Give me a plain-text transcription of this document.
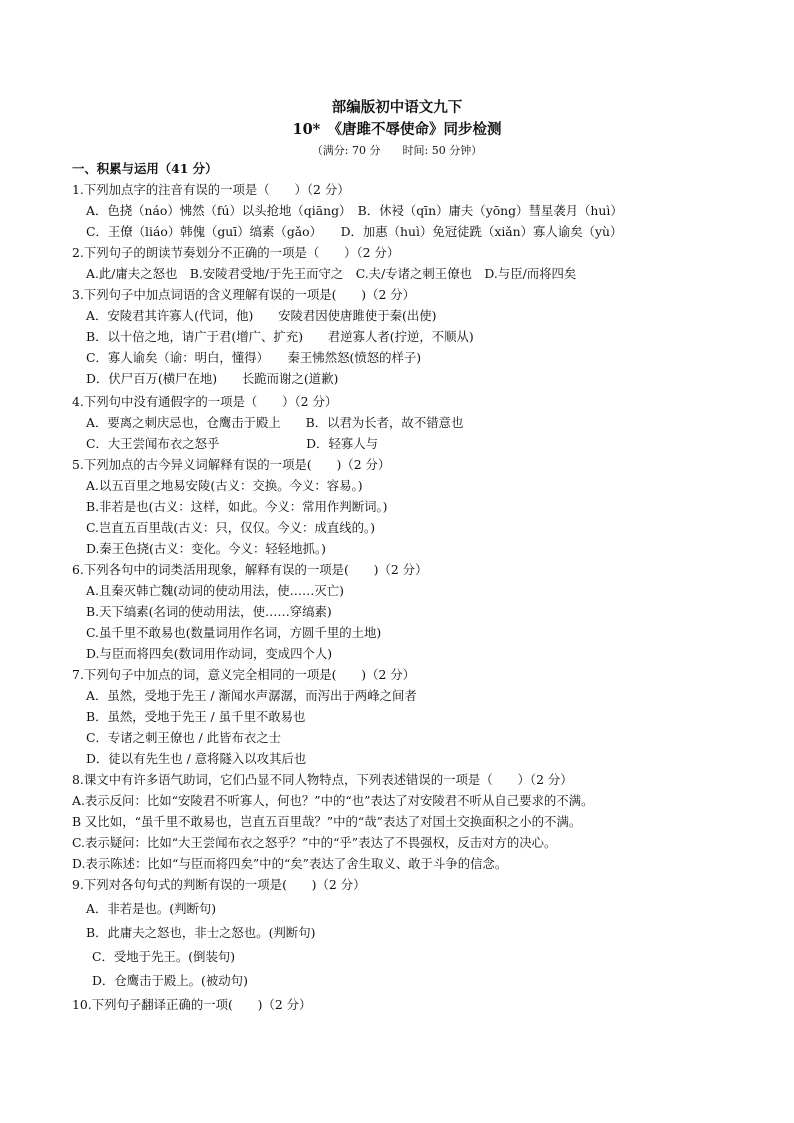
部编版初中语文九下
10*　《唐雎不辱使命》同步检测
（满分: 70 分　　时间: 50 分钟）
一、积累与运用（41 分）
1.下列加点字的注音有误的一项是（　　）（2 分）
A．色挠（náo）怫然（fú）以头抢地（qiāng）　B．休祲（qīn）庸夫（yōng）彗星袭月（huì）
C．王僚（liáo）韩傀（guī）缟素（gǎo）　　D．加惠（huì）免冠徒跣（xiǎn）寡人谕矣（yù）
2.下列句子的朗读节奏划分不正确的一项是（　　）（2 分）
A.此/庸夫之怒也　B.安陵君受地/于先王而守之　C.夫/专诸之刺王僚也　D.与臣/而将四矣
3.下列句子中加点词语的含义理解有误的一项是(　　)（2 分）
A．安陵君其许寡人(代词，他)　　安陵君因使唐雎使于秦(出使)
B．以十倍之地，请广于君(增广、扩充)　　君逆寡人者(拧逆，不顺从)
C．寡人谕矣（谕：明白，懂得）　　秦王怫然怒(愤怒的样子)
D．伏尸百万(横尸在地)　　长跪而谢之(道歉)
4.下列句中没有通假字的一项是（　　）（2 分）
A．要离之刺庆忌也，仓鹰击于殿上　　B．以君为长者，故不错意也
C．大王尝闻布衣之怒乎　　　　　　　D．轻寡人与
5.下列加点的古今异义词解释有误的一项是(　　)（2 分）
A.以五百里之地易安陵(古义：交换。今义：容易。)
B.非若是也(古义：这样，如此。今义：常用作判断词。)
C.岂直五百里哉(古义：只，仅仅。今义：成直线的。)
D.秦王色挠(古义：变化。今义：轻轻地抓。)
6.下列各句中的词类活用现象，解释有误的一项是(　　)（2 分）
A.且秦灭韩亡魏(动词的使动用法，使……灭亡)
B.天下缟素(名词的使动用法，使……穿缟素)
C.虽千里不敢易也(数量词用作名词，方圆千里的土地)
D.与臣而将四矣(数词用作动词，变成四个人)
7.下列句子中加点的词，意义完全相同的一项是(　　)（2 分）
A．虽然，受地于先王 / 渐闻水声潺潺，而泻出于两峰之间者
B．虽然，受地于先王 / 虽千里不敢易也
C．专诸之刺王僚也 / 此皆布衣之士
D．徒以有先生也 / 意将隧入以攻其后也
8.课文中有许多语气助词，它们凸显不同人物特点，下列表述错误的一项是（　　）（2 分）
A.表示反问：比如“安陵君不听寡人，何也？”中的“也”表达了对安陵君不听从自己要求的不满。
B 又比如，“虽千里不敢易也，岂直五百里哉？”中的“哉”表达了对国土交换面积之小的不满。
C.表示疑问：比如“大王尝闻布衣之怒乎？”中的“乎”表达了不畏强权，反击对方的决心。
D.表示陈述：比如“与臣而将四矣”中的“矣”表达了舍生取义、敢于斗争的信念。
9.下列对各句句式的判断有误的一项是(　　)（2 分）
A．非若是也。(判断句)
B．此庸夫之怒也，非士之怒也。(判断句)
C．受地于先王。(倒装句)
D．仓鹰击于殿上。(被动句)
10.下列句子翻译正确的一项(　　)（2 分）
